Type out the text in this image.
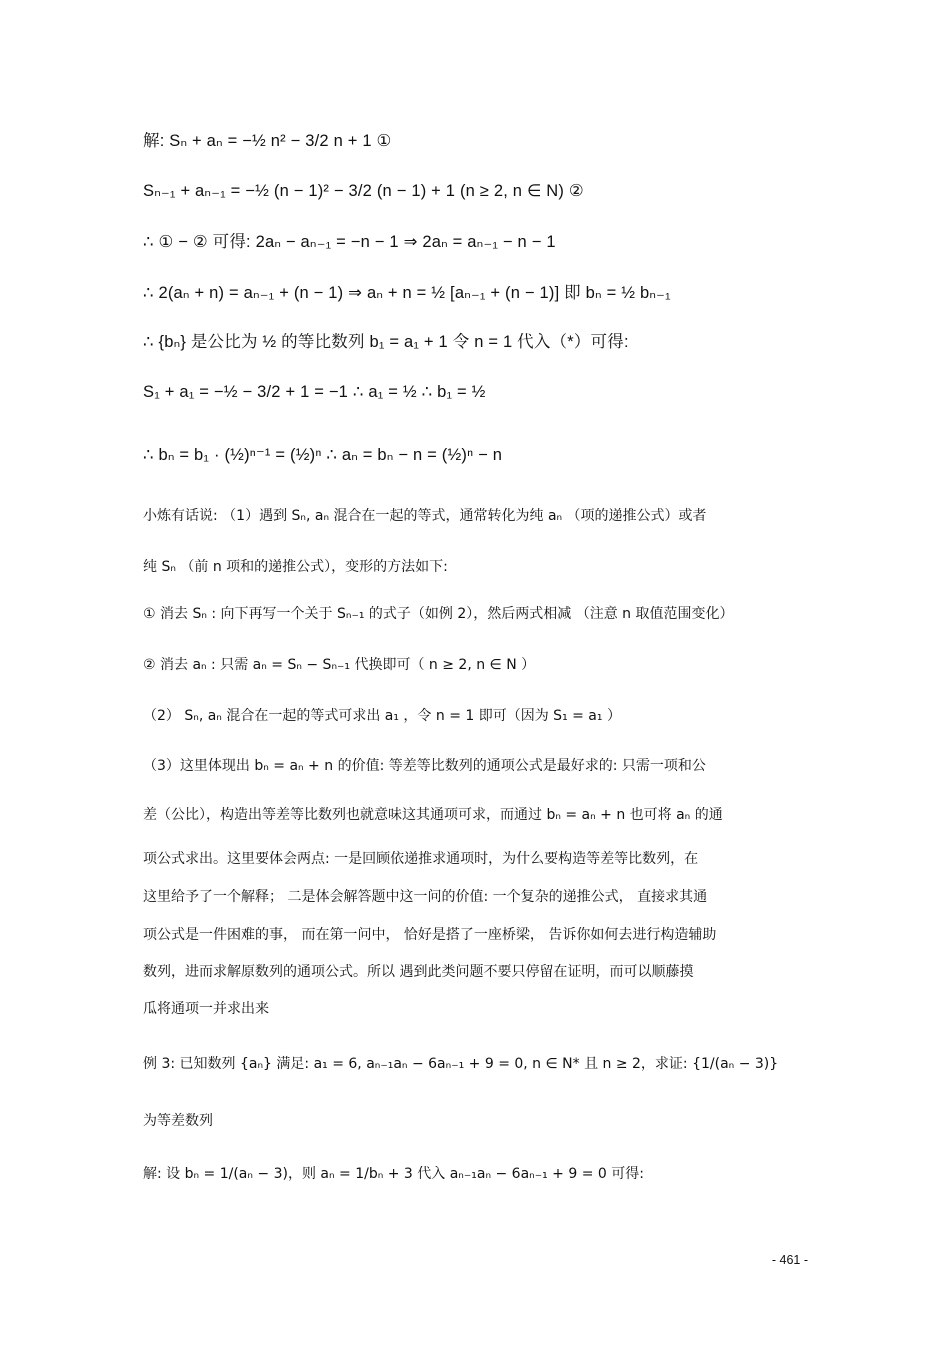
解: Sₙ + aₙ = −½ n² − 3/2 n + 1 ①
Sₙ₋₁ + aₙ₋₁ = −½ (n − 1)² − 3/2 (n − 1) + 1 (n ≥ 2, n ∈ N) ②
∴ ① − ② 可得: 2aₙ − aₙ₋₁ = −n − 1 ⇒ 2aₙ = aₙ₋₁ − n − 1
∴ 2(aₙ + n) = aₙ₋₁ + (n − 1) ⇒ aₙ + n = ½ [aₙ₋₁ + (n − 1)] 即 bₙ = ½ bₙ₋₁
∴ {bₙ} 是公比为 ½ 的等比数列 b₁ = a₁ + 1 令 n = 1 代入（*）可得:
S₁ + a₁ = −½ − 3/2 + 1 = −1 ∴ a₁ = ½ ∴ b₁ = ½
∴ bₙ = b₁ · (½)ⁿ⁻¹ = (½)ⁿ ∴ aₙ = bₙ − n = (½)ⁿ − n
小炼有话说: （1）遇到 Sₙ, aₙ 混合在一起的等式，通常转化为纯 aₙ （项的递推公式）或者
纯 Sₙ （前 n 项和的递推公式），变形的方法如下:
① 消去 Sₙ : 向下再写一个关于 Sₙ₋₁ 的式子（如例 2），然后两式相减 （注意 n 取值范围变化）
② 消去 aₙ : 只需 aₙ = Sₙ − Sₙ₋₁ 代换即可（ n ≥ 2, n ∈ N ）
（2） Sₙ, aₙ 混合在一起的等式可求出 a₁ ，令 n = 1 即可（因为 S₁ = a₁ ）
（3）这里体现出 bₙ = aₙ + n 的价值: 等差等比数列的通项公式是最好求的: 只需一项和公
差（公比），构造出等差等比数列也就意味这其通项可求，而通过 bₙ = aₙ + n 也可将 aₙ 的通
项公式求出。这里要体会两点: 一是回顾依递推求通项时，为什么要构造等差等比数列，在
这里给予了一个解释； 二是体会解答题中这一问的价值: 一个复杂的递推公式， 直接求其通
项公式是一件困难的事， 而在第一问中， 恰好是搭了一座桥梁， 告诉你如何去进行构造辅助
数列，进而求解原数列的通项公式。所以 遇到此类问题不要只停留在证明，而可以顺藤摸
瓜将通项一并求出来
例 3: 已知数列 {aₙ} 满足: a₁ = 6, aₙ₋₁aₙ − 6aₙ₋₁ + 9 = 0, n ∈ N* 且 n ≥ 2，求证: {1/(aₙ − 3)}
为等差数列
解: 设 bₙ = 1/(aₙ − 3)，则 aₙ = 1/bₙ + 3 代入 aₙ₋₁aₙ − 6aₙ₋₁ + 9 = 0 可得:
- 461 -
